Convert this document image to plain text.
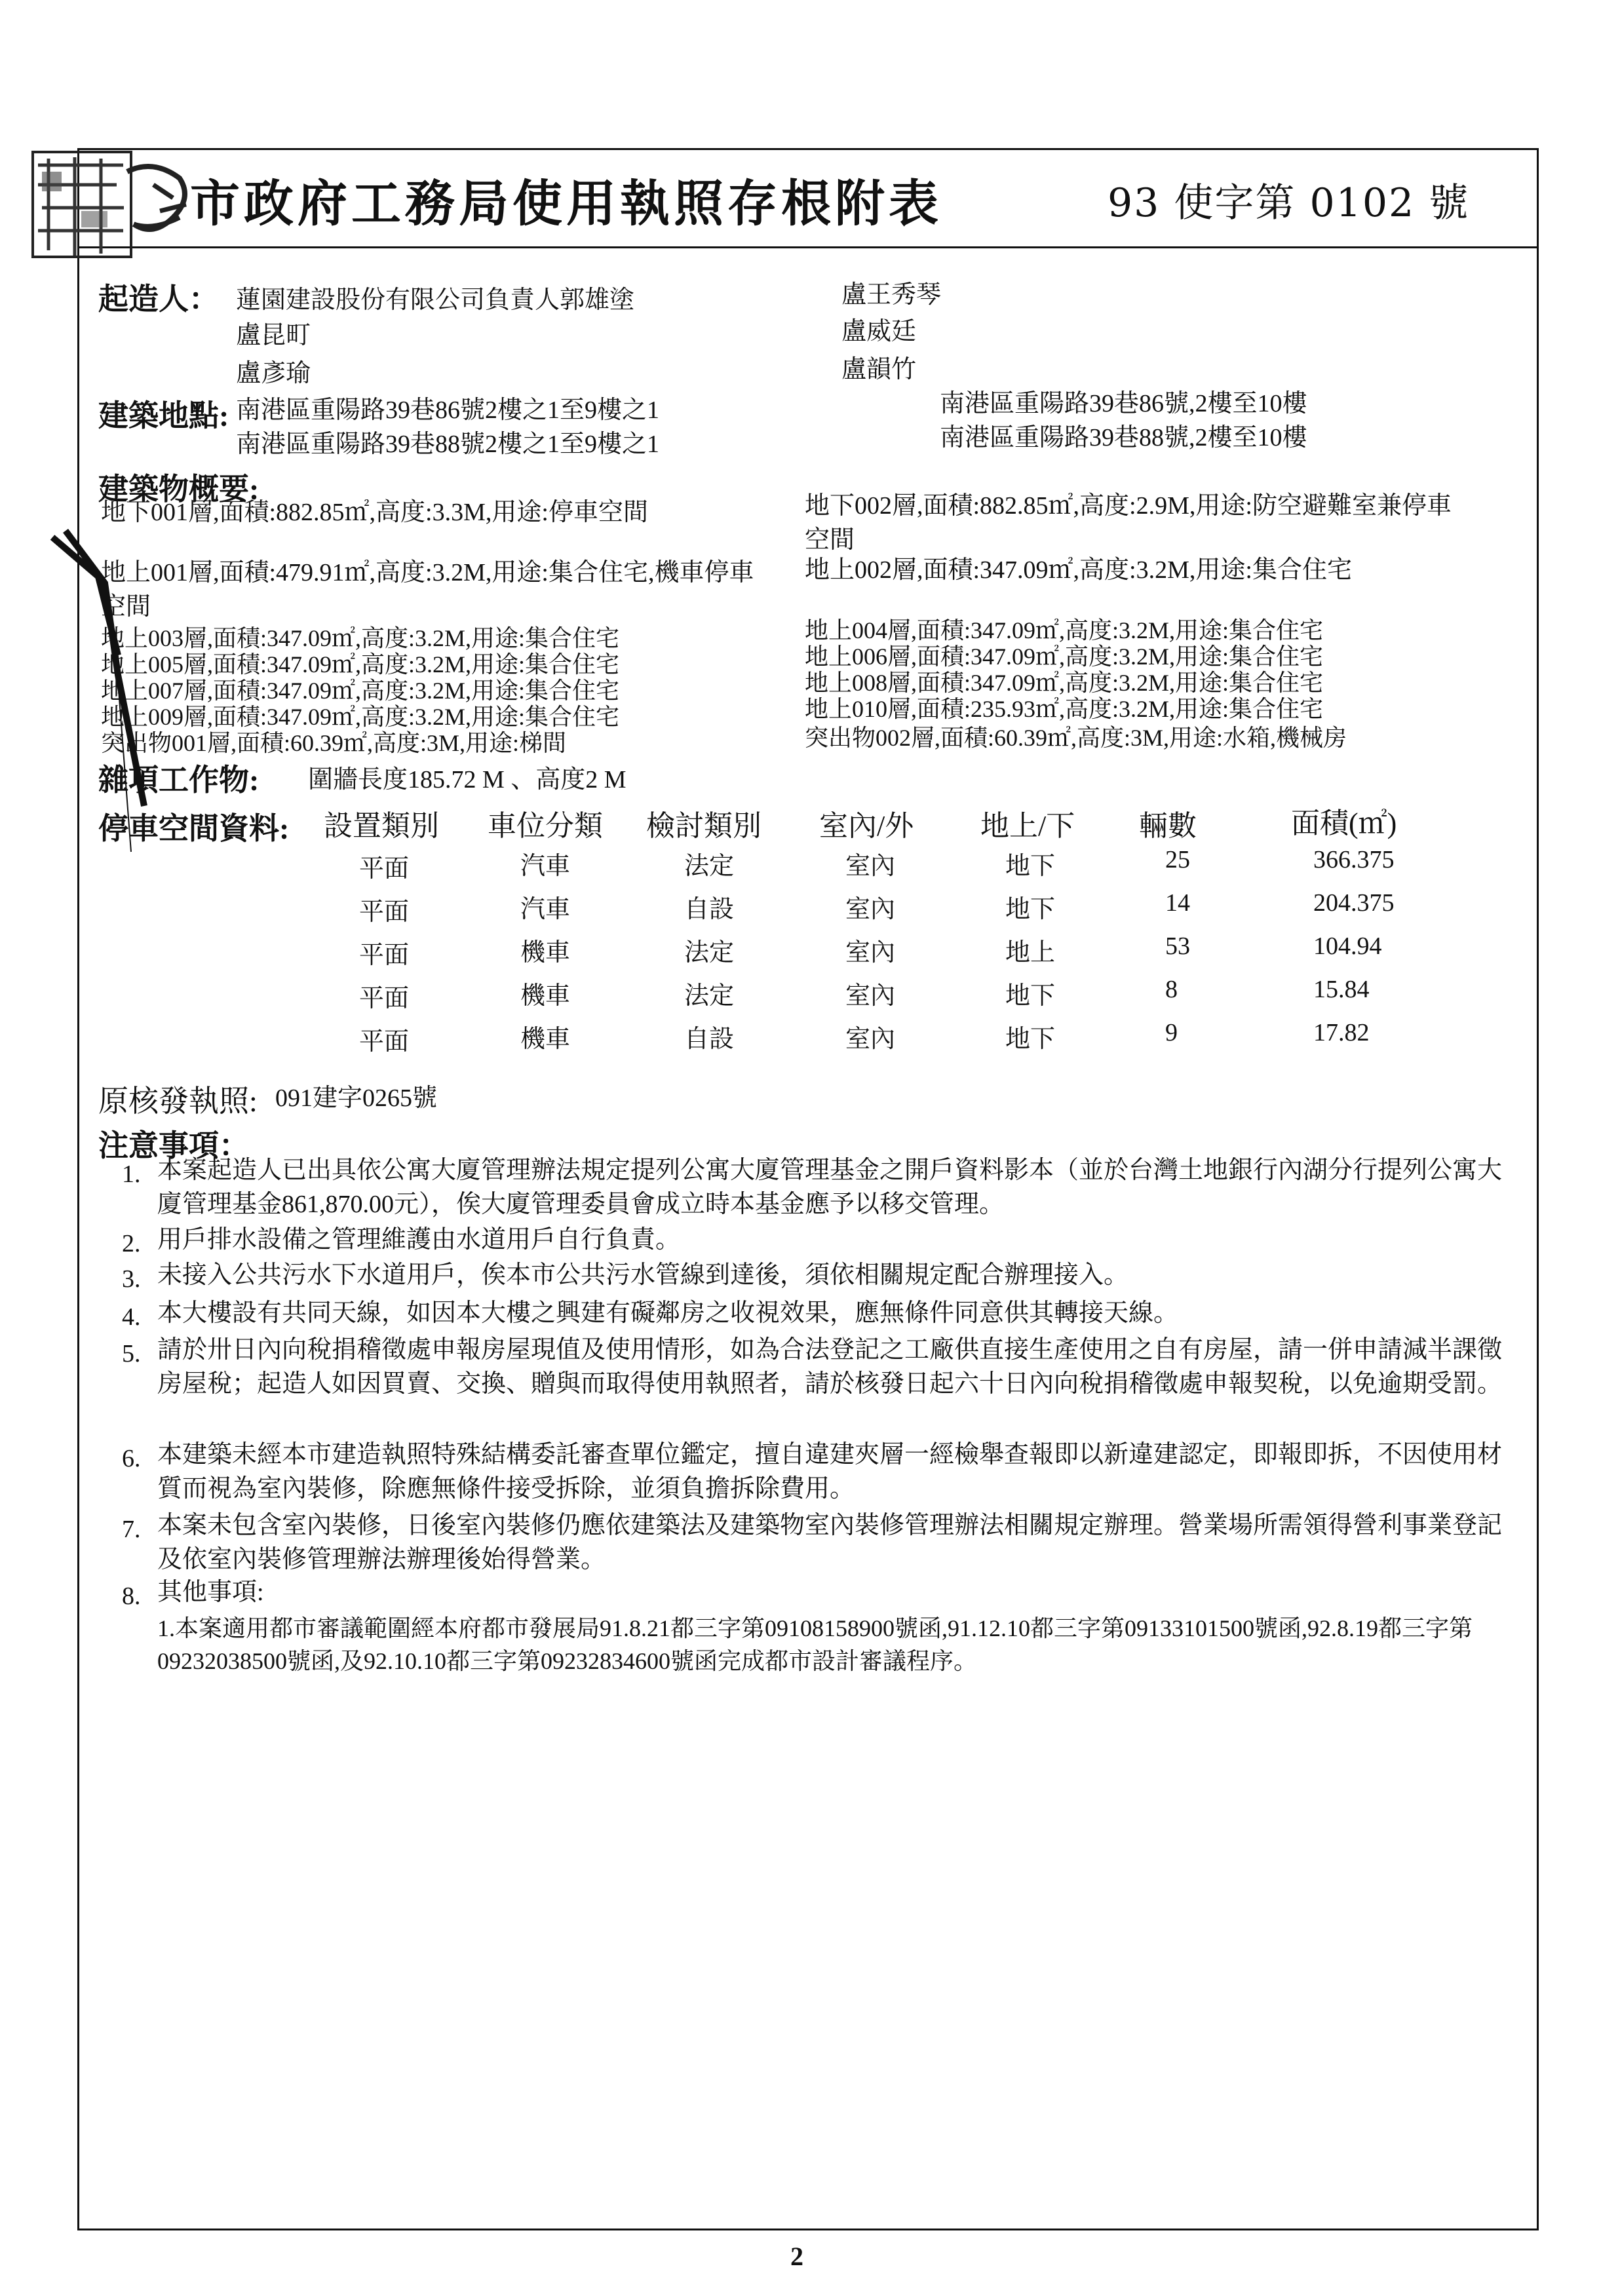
市政府工務局使用執照存根附表	93 使字第 0102 號
起造人： 蓮園建設股份有限公司負責人郭雄塗
盧昆町
盧彥瑜
盧王秀琴
盧威廷
盧韻竹
建築地點: 南港區重陽路39巷86號2樓之1至9樓之1
南港區重陽路39巷88號2樓之1至9樓之1
南港區重陽路39巷86號,2樓至10樓
南港區重陽路39巷88號,2樓至10樓
建築物概要:
地下001層,面積:882.85㎡,高度:3.3M,用途:停車空間
地上001層,面積:479.91㎡,高度:3.2M,用途:集合住宅,機車停車
空間
地上003層,面積:347.09㎡,高度:3.2M,用途:集合住宅
地上005層,面積:347.09㎡,高度:3.2M,用途:集合住宅
地上007層,面積:347.09㎡,高度:3.2M,用途:集合住宅
地上009層,面積:347.09㎡,高度:3.2M,用途:集合住宅
突出物001層,面積:60.39㎡,高度:3M,用途:梯間
地下002層,面積:882.85㎡,高度:2.9M,用途:防空避難室兼停車
空間
地上002層,面積:347.09㎡,高度:3.2M,用途:集合住宅
地上004層,面積:347.09㎡,高度:3.2M,用途:集合住宅
地上006層,面積:347.09㎡,高度:3.2M,用途:集合住宅
地上008層,面積:347.09㎡,高度:3.2M,用途:集合住宅
地上010層,面積:235.93㎡,高度:3.2M,用途:集合住宅
突出物002層,面積:60.39㎡,高度:3M,用途:水箱,機械房
雜項工作物: 圍牆長度185.72 M 、高度2 M
停車空間資料: 設置類別 車位分類 檢討類別 室內/外 地上/下 輛數	面積(㎡)
平面	汽車	法定	室內	地下	25	366.375
平面	汽車	自設	室內	地下	14	204.375
平面	機車	法定	室內	地上	53	104.94
平面	機車	法定	室內	地下	8	15.84
平面	機車	自設	室內	地下	9	17.82
原核發執照: 091建字0265號
注意事項：
1. 本案起造人已出具依公寓大廈管理辦法規定提列公寓大廈管理基金之開戶資料影本（並於台灣土地銀行內湖分行提列公寓大廈管理基金861,870.00元），俟大廈管理委員會成立時本基金應予以移交管理。
2. 用戶排水設備之管理維護由水道用戶自行負責。
3. 未接入公共污水下水道用戶，俟本市公共污水管線到達後，須依相關規定配合辦理接入。
4. 本大樓設有共同天線，如因本大樓之興建有礙鄰房之收視效果，應無條件同意供其轉接天線。
5. 請於卅日內向稅捐稽徵處申報房屋現值及使用情形，如為合法登記之工廠供直接生產使用之自有房屋，請一併申請減半課徵房屋稅；起造人如因買賣、交換、贈與而取得使用執照者，請於核發日起六十日內向稅捐稽徵處申報契稅，以免逾期受罰。
6. 本建築未經本市建造執照特殊結構委託審查單位鑑定，擅自違建夾層一經檢舉查報即以新違建認定，即報即拆，不因使用材質而視為室內裝修，除應無條件接受拆除，並須負擔拆除費用。
7. 本案未包含室內裝修，日後室內裝修仍應依建築法及建築物室內裝修管理辦法相關規定辦理。營業場所需領得營利事業登記及依室內裝修管理辦法辦理後始得營業。
8. 其他事項:
1.本案適用都市審議範圍經本府都市發展局91.8.21都三字第09108158900號函,91.12.10都三字第09133101500號函,92.8.19都三字第09232038500號函,及92.10.10都三字第09232834600號函完成都市設計審議程序。
2
